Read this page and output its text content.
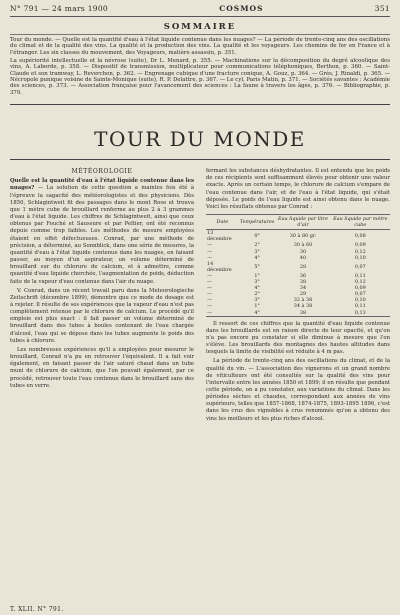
N° 791 — 24 mars 1900	COSMOS	351
SOMMAIRE

Tour du monde. — Quelle est la quantité d'eau à l'état liquide contenue dans les nuages? — La période de trente-cinq ans des oscillations du climat et de la qualité des vins. La qualité et la production des vins. La qualité et les voyageurs. Les chemins de fer en France et à l'étranger. Les six classes du mouvement, des Voyageurs, matière assassin, p. 351.

La supériorité intellectuelle et la névrose (suite), Dr L. Menard, p. 355. — Machinations sur la décomposition du degré alcoolique des vins, A. Laborde, p. 358. — Dispositif de transmission, multiplicateur pour communications téléphoniques, Berthon, p. 360. — Saint-Claude et son tramway, L. Reverchon, p. 362. — Engrenage cubique d'une fracture conique, A. Gouz, p. 364. — Grès, J. Rinaldi, p. 365. — Nécropole punique voisine de Sainte-Monique (suite), R. P. Delattre, p. 367. — Le cyl, Paris Matin, p. 371. — Sociétés savantes : Académie des sciences, p. 373. — Association française pour l'avancement des sciences : La faune à travers les âges, p. 376. — Bibliographie, p. 379.

TOUR DU MONDE
MÉTÉOROLOGIE

Quelle est la quantité d'eau à l'état liquide contenue dans les nuages? — La solution de cette question a maintes fois été à l'épreuve la sagacité des météorologistes et des physiciens. Dès 1850, Schlagintweit fit des passages dans le mont Rose et trouva que 1 mètre cube de brouillard renferme au plus 2 à 3 grammes d'eau à l'état liquide. Les chiffres de Schlagintweit, ainsi que ceux obtenus par Fouché et Saussure et par Peltier, ont été reconnus depuis comme trop faibles. Les méthodes de mesure employées étaient en effet défectueuses. Conrad, par une méthode de précision, a déterminé, au Sonnblick, dans une série de mesures, la quantité d'eau à l'état liquide contenue dans les nuages, en faisant passer, au moyen d'un aspirateur, un volume déterminé de brouillard sur du chlorure de calcium, et à admettre, comme quantité d'eau liquide cherchée, l'augmentation de poids, déduction faite de la vapeur d'eau contenue dans l'air du nuage.

V. Conrad, dans un récent travail paru dans la Meteorologische Zeitschrift (décembre 1899), démontre que ce mode de dosage est à rejeter. Il résulte de ses expériences que la vapeur d'eau n'est pas complètement retenue par le chlorure de calcium. Le procédé qu'il emploie est plus exact : il fait passer un volume déterminé de brouillard dans des tubes à boules contenant de l'eau chargée d'alcool, l'eau qui se dépose dans les tubes augmente le poids des tubes à chlorure.

Les nombreuses expériences qu'il a employées pour mesurer le brouillard, Conrad n'a pu en retrouver l'équivalent. Il a fait voir également, en faisant passer de l'air saturé chaud dans un tube muni de chlorure de calcium, que l'on pouvait également, par ce procédé, retrouver toute l'eau contenue dans le brouillard sans des tubes en verre.

fermant les substances déshydratantes. Il est entendu que les poids de ces récipients sont suffisamment élevés pour obtenir une valeur exacte. Après un certain temps, le chlorure de calcium s'empare de l'eau contenue dans l'air, et de l'eau à l'état liquide, qui s'était déposée. Le poids de l'eau liquide est ainsi obtenu dans le nuage. Voici les résultats obtenus par Conrad :

Date	Températures	Eau liquide par litre d'air	Eau liquide par mètre cube
13 décembre	0°	30 à 80 gr.	0,08
—	2°	30 à 60	0,09
—	3°	30	0,12
—	4°	40	0,10
14 décembre	5°	28	0,07
—	1°	36	0,11
—	3°	38	0,12
—	4°	34	0,09
—	2°	29	0,07
—	3°	32 à 38	0,10
—	1°	34 à 38	0,11
—	4°	38	0,13

Il ressort de ces chiffres que la quantité d'eau liquide contenue dans les brouillards est en raison directe de leur opacité, et qu'on n'a pas encore pu constater si elle diminue à mesure que l'on s'élève. Les brouillards des montagnes des hautes altitudes dans lesquels la limite de visibilité est réduite à 4 m pas.

La période de trente-cinq ans des oscillations du climat, et de la qualité du vin. — L'association des vignerons et un grand nombre de viticulteurs ont été consultés sur la qualité des vins pour l'intervalle entre les années 1850 et 1899; il en résulte que pendant cette période, on a pu constater, aux variations du climat. Dans les périodes sèches et chaudes, correspondant aux années de vins supérieurs, telles que 1857-1868, 1874-1875, 1893-1895 1896, c'est dans les crus des vignobles à crus renommés qu'on a obtenu des vins les meilleurs et les plus riches d'alcool.

T. XLII. N° 791.
